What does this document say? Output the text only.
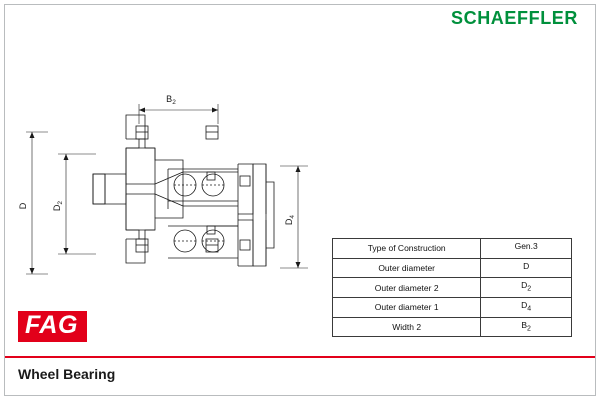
SCHAEFFLER
$B_2$
D	$D_2$
$D_4$
Type of Construction	Gen.3
Outer diameter	D
Outer diameter 2	$D_2$
Outer diameter 1	$D_4$
Width 2	$B_2$
FAG
Wheel Bearing
